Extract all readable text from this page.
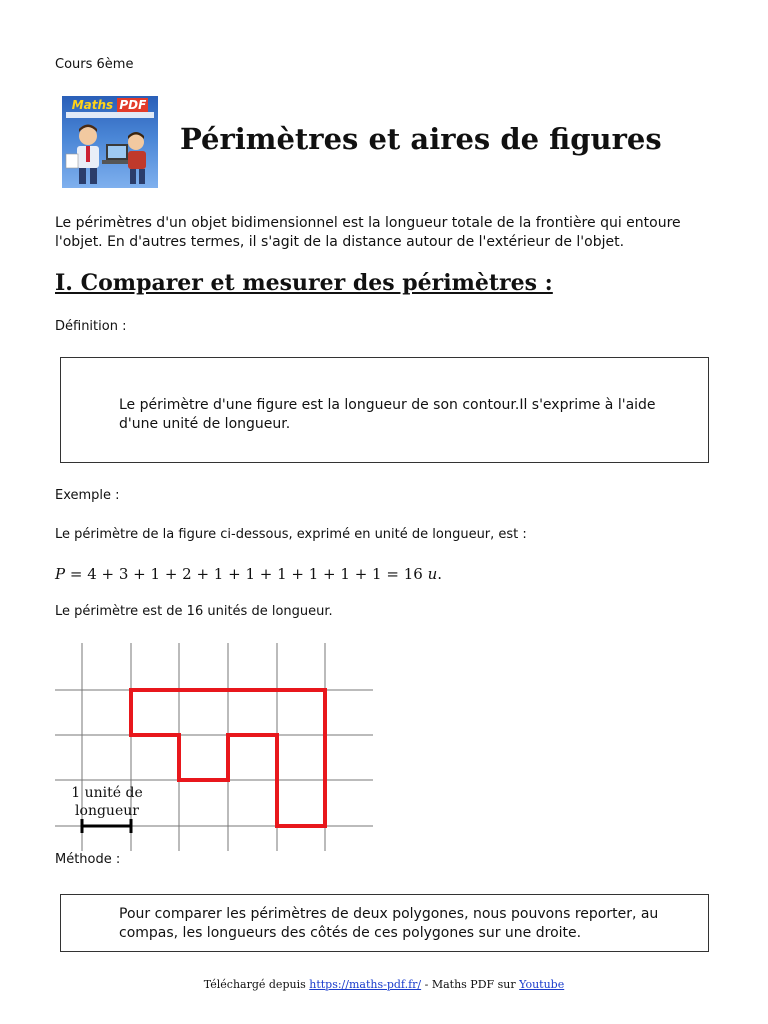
Cours 6ème
Maths PDF
Périmètres et aires de figures
Le périmètres d'un objet bidimensionnel est la longueur totale de la frontière qui entoure l'objet. En d'autres termes, il s'agit de la distance autour de l'extérieur de l'objet.
I. Comparer et mesurer des périmètres :
Définition :

Le périmètre d'une figure est la longueur de son contour.Il s'exprime à l'aide d'une unité de longueur.

Exemple :
Le périmètre de la figure ci-dessous, exprimé en unité de longueur, est :
P = 4 + 3 + 1 + 2 + 1 + 1 + 1 + 1 + 1 + 1 = 16 u.
Le périmètre est de 16 unités de longueur.
1 unité de
longueur
Méthode :

Pour comparer les périmètres de deux polygones, nous pouvons reporter, au compas, les longueurs des côtés de ces polygones sur une droite.

Téléchargé depuis https://maths-pdf.fr/ - Maths PDF sur Youtube
